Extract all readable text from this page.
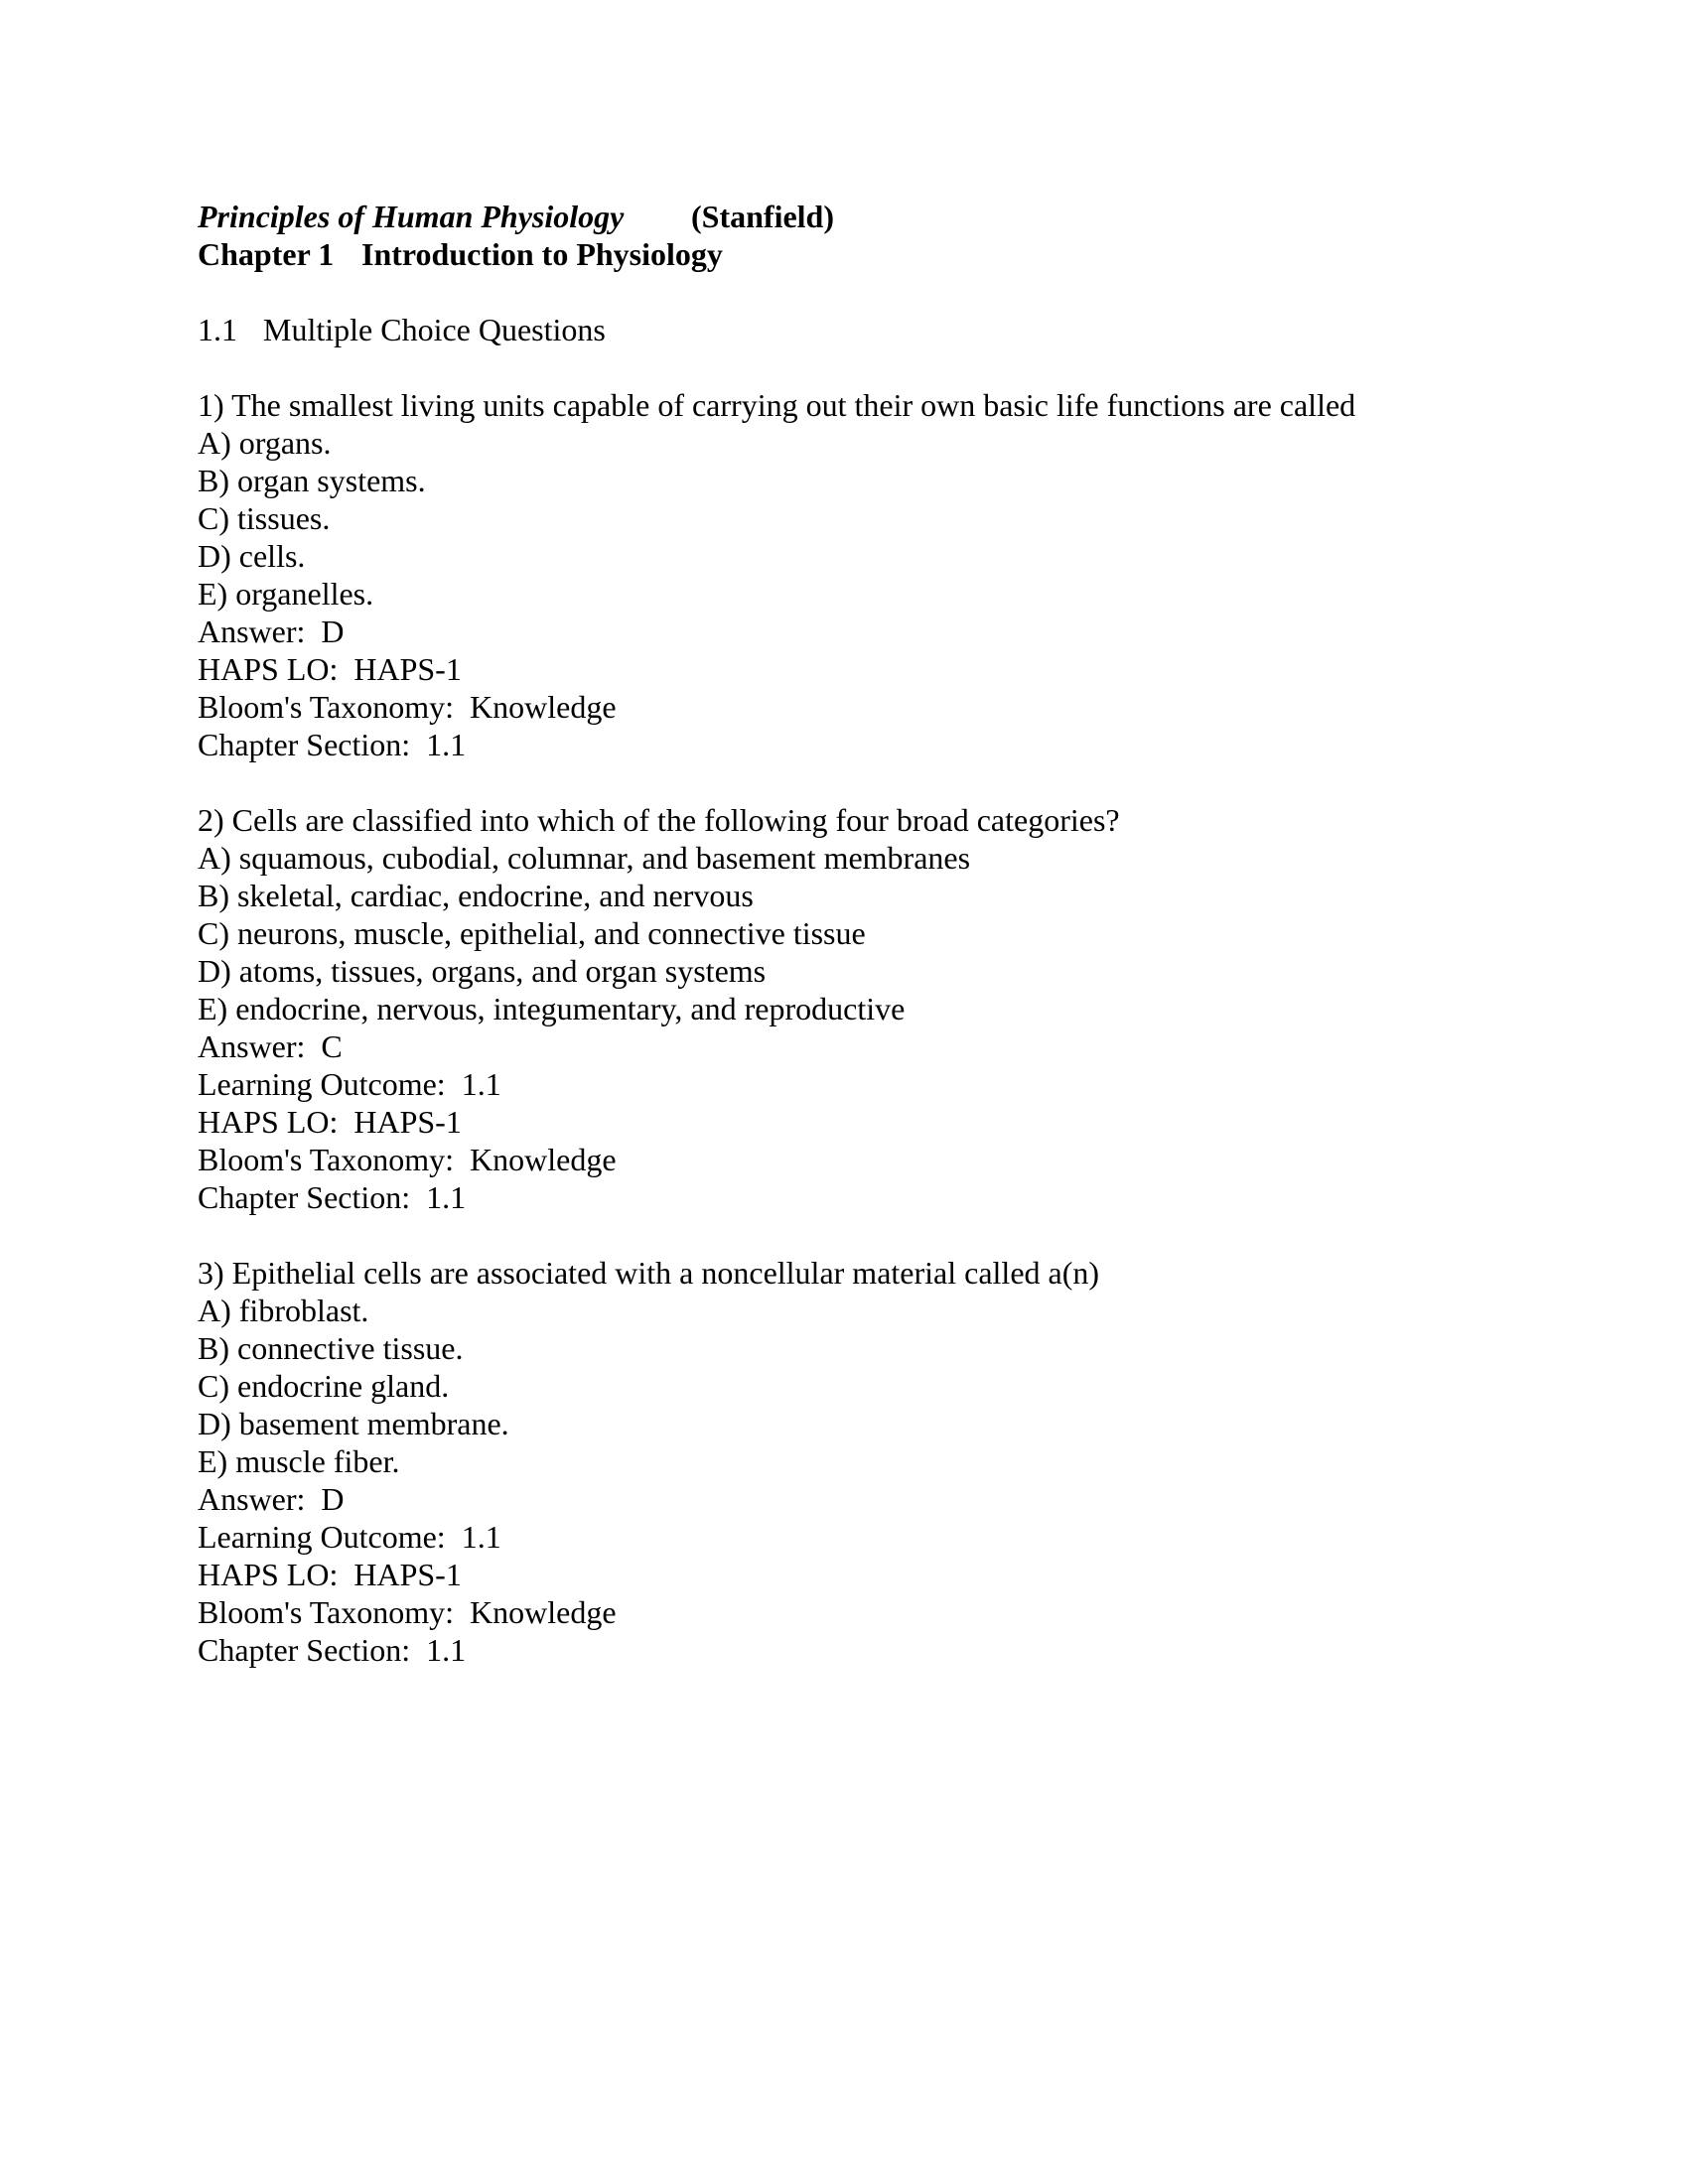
Principles of Human Physiology (Stanfield)
Chapter 1 Introduction to Physiology
1.1 Multiple Choice Questions
1) The smallest living units capable of carrying out their own basic life functions are called
A) organs.
B) organ systems.
C) tissues.
D) cells.
E) organelles.
Answer:  D
HAPS LO:  HAPS-1
Bloom's Taxonomy:  Knowledge
Chapter Section:  1.1
2) Cells are classified into which of the following four broad categories?
A) squamous, cubodial, columnar, and basement membranes
B) skeletal, cardiac, endocrine, and nervous
C) neurons, muscle, epithelial, and connective tissue
D) atoms, tissues, organs, and organ systems
E) endocrine, nervous, integumentary, and reproductive
Answer:  C
Learning Outcome:  1.1
HAPS LO:  HAPS-1
Bloom's Taxonomy:  Knowledge
Chapter Section:  1.1
3) Epithelial cells are associated with a noncellular material called a(n)
A) fibroblast.
B) connective tissue.
C) endocrine gland.
D) basement membrane.
E) muscle fiber.
Answer:  D
Learning Outcome:  1.1
HAPS LO:  HAPS-1
Bloom's Taxonomy:  Knowledge
Chapter Section:  1.1
